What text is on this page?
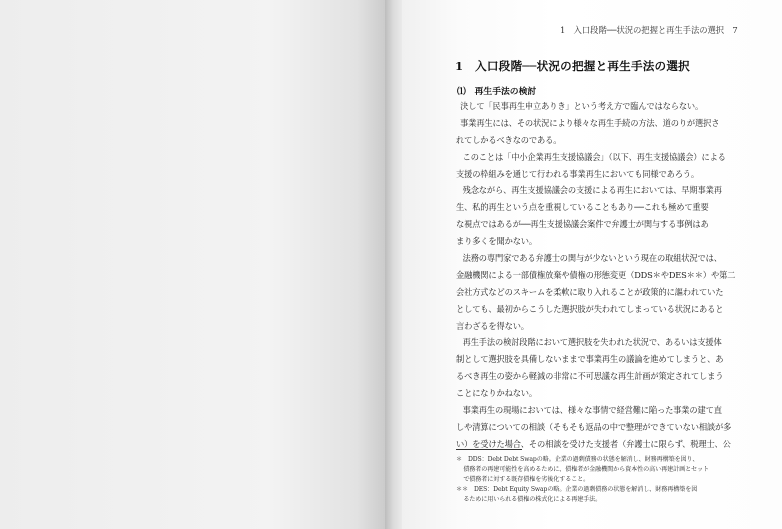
1　入口段階──状況の把握と再生手法の選択　7
1　入口段階──状況の把握と再生手法の選択
⑴　再生手法の検討
決して「民事再生申立ありき」という考え方で臨んではならない。
事業再生には、その状況により様々な再生手続の方法、道のりが選択さ
れてしかるべきなのである。
このことは「中小企業再生支援協議会」（以下、再生支援協議会）による
支援の枠組みを通じて行われる事業再生においても同様であろう。
残念ながら、再生支援協議会の支援による再生においては、早期事業再
生、私的再生という点を重視していることもあり──これも極めて重要
な視点ではあるが──再生支援協議会案件で弁護士が関与する事例はあ
まり多くを聞かない。
法務の専門家である弁護士の関与が少ないという現在の取組状況では、
金融機関による一部債権放棄や債権の形態変更（DDS＊やDES＊＊）や第二
会社方式などのスキームを柔軟に取り入れることが政策的に謳われていた
としても、最初からこうした選択肢が失われてしまっている状況にあると
言わざるを得ない。
再生手法の検討段階において選択肢を失われた状況で、あるいは支援体
制として選択肢を具備しないままで事業再生の議論を進めてしまうと、あ
るべき再生の姿から軽減の非常に不可思議な再生計画が策定されてしまう
ことになりかねない。
事業再生の現場においては、様々な事情で経営難に陥った事業の建て直
しや清算についての相談（そもそも返品の中で整理ができていない相談が多
い）を受けた場合、その相談を受けた支援者（弁護士に限らず、税理士、公
＊　DDS：Debt Debt Swapの略。企業の過剰債務の状態を解消し、財務再構築を図り、
債務者の再建可能性を高めるために、債権者が金融機関から資本性の高い再建計画とセット
で債務者に対する既存債権を劣後化すること。
＊＊　DES：Debt Equity Swapの略。企業の過剰債務の状態を解消し、財務再構築を図
るために用いられる債権の株式化による再建手法。
